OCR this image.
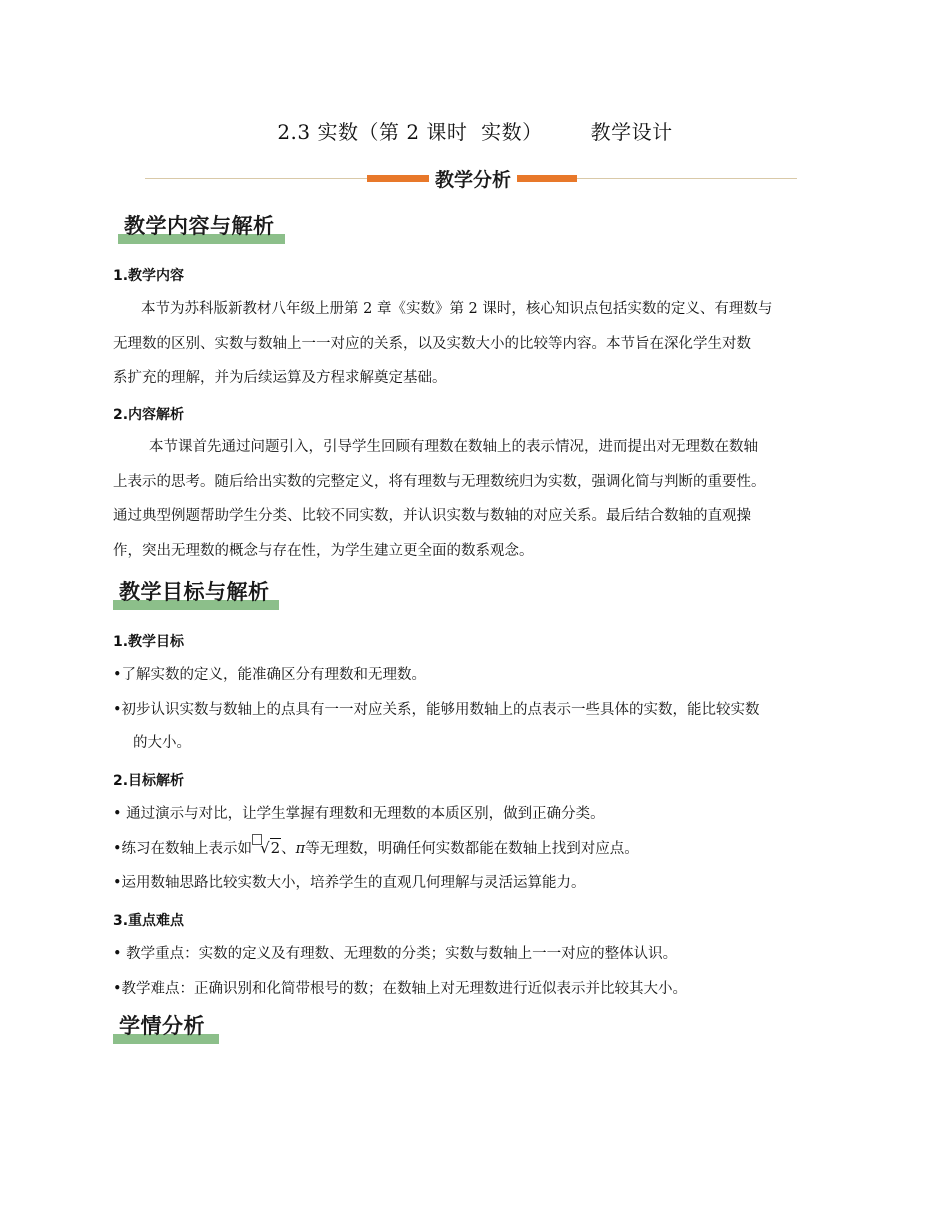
2.3 实数（第 2 课时  实数）       教学设计
教学分析
教学内容与解析
1.教学内容
本节为苏科版新教材八年级上册第 2 章《实数》第 2 课时，核心知识点包括实数的定义、有理数与
无理数的区别、实数与数轴上一一对应的关系，以及实数大小的比较等内容。本节旨在深化学生对数
系扩充的理解，并为后续运算及方程求解奠定基础。
2.内容解析
本节课首先通过问题引入，引导学生回顾有理数在数轴上的表示情况，进而提出对无理数在数轴
上表示的思考。随后给出实数的完整定义，将有理数与无理数统归为实数，强调化简与判断的重要性。
通过典型例题帮助学生分类、比较不同实数，并认识实数与数轴的对应关系。最后结合数轴的直观操
作，突出无理数的概念与存在性，为学生建立更全面的数系观念。
教学目标与解析
1.教学目标
•了解实数的定义，能准确区分有理数和无理数。
•初步认识实数与数轴上的点具有一一对应关系，能够用数轴上的点表示一些具体的实数，能比较实数
的大小。
2.目标解析
• 通过演示与对比，让学生掌握有理数和无理数的本质区别，做到正确分类。
•练习在数轴上表示如 √2、π等无理数，明确任何实数都能在数轴上找到对应点。
•运用数轴思路比较实数大小，培养学生的直观几何理解与灵活运算能力。
3.重点难点
• 教学重点：实数的定义及有理数、无理数的分类；实数与数轴上一一对应的整体认识。
•教学难点：正确识别和化简带根号的数；在数轴上对无理数进行近似表示并比较其大小。
学情分析
